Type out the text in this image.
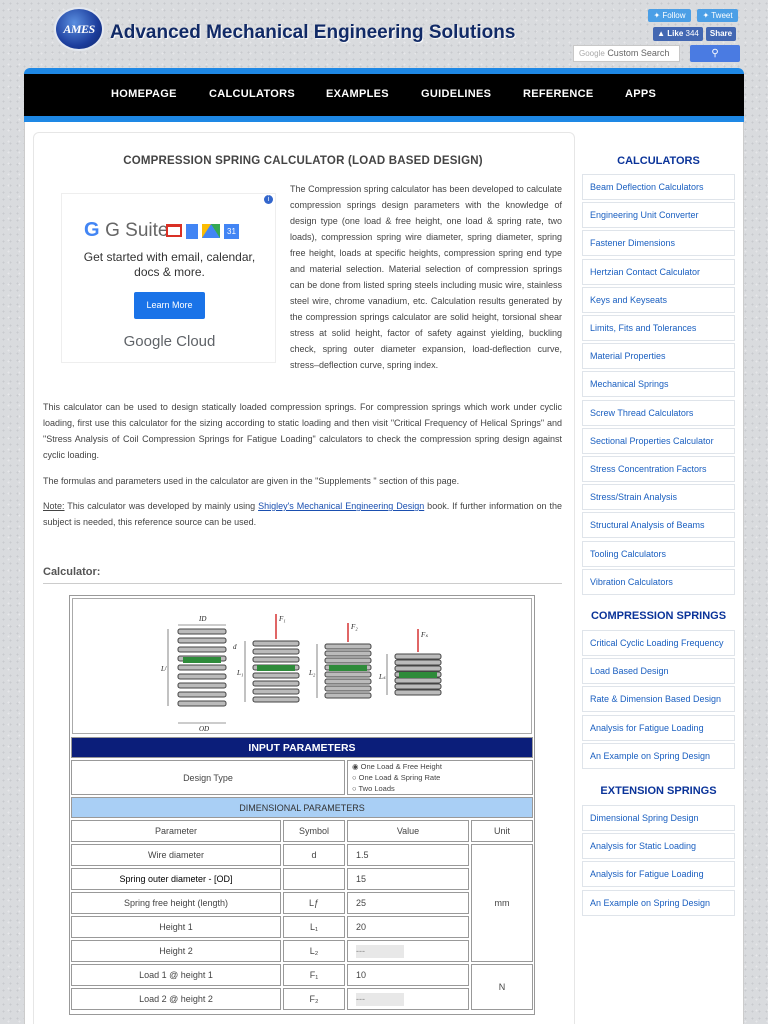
AMES Advanced Mechanical Engineering Solutions
✦ Follow	✦ Tweet
▲ Like 344	Share
Google Custom Search	⚲
HOMEPAGE	CALCULATORS	EXAMPLES	GUIDELINES	REFERENCE	APPS
COMPRESSION SPRING CALCULATOR (LOAD BASED DESIGN)
i
G G Suite	31
Get started with email, calendar, docs & more.
Learn More
Google Cloud
The Compression spring calculator has been developed to calculate compression springs design parameters with the knowledge of design type (one load & free height, one load & spring rate, two loads), compression spring wire diameter, spring diameter, spring free height, loads at specific heights, compression spring end type and material selection. Material selection of compression springs can be done from listed spring steels including music wire, stainless steel wire, chrome vanadium, etc. Calculation results generated by the compression springs calculator are solid height, torsional shear stress at solid height, factor of safety against yielding, buckling check, spring outer diameter expansion, load-deflection curve, stress–deflection curve, spring index.
This calculator can be used to design statically loaded compression springs. For compression springs which work under cyclic loading, first use this calculator for the sizing according to static loading and then visit "Critical Frequency of Helical Springs" and "Stress Analysis of Coil Compression Springs for Fatigue Loading" calculators to check the compression spring design against cyclic loading.
The formulas and parameters used in the calculator are given in the "Supplements " section of this page.
Note: This calculator was developed by mainly using Shigley's Mechanical Engineering Design book. If further information on the subject is needed, this reference source can be used.
Calculator:
ID
OD
d
F₁
F₂
Fₛ
Lᶠ	L₁	L₂	Lₛ
INPUT PARAMETERS			
Design Type		◉ One Load & Free Height
○ One Load & Spring Rate
○ Two Loads	

DIMENSIONAL PARAMETERS			
Parameter	Symbol	Value	Unit
Wire diameter	d	1.5	mm
Spring outer diameter - [OD]		15	
Spring free height (length)	Lƒ	25	
Height 1	L₁	20	
Height 2	L₂	---	
Load 1 @ height 1	F₁	10	N
Load 2 @ height 2	F₂	---	
CALCULATORS
Beam Deflection Calculators
Engineering Unit Converter
Fastener Dimensions
Hertzian Contact Calculator
Keys and Keyseats
Limits, Fits and Tolerances
Material Properties
Mechanical Springs
Screw Thread Calculators
Sectional Properties Calculator
Stress Concentration Factors
Stress/Strain Analysis
Structural Analysis of Beams
Tooling Calculators
Vibration Calculators
COMPRESSION SPRINGS
Critical Cyclic Loading Frequency
Load Based Design
Rate & Dimension Based Design
Analysis for Fatigue Loading
An Example on Spring Design
EXTENSION SPRINGS
Dimensional Spring Design
Analysis for Static Loading
Analysis for Fatigue Loading
An Example on Spring Design
